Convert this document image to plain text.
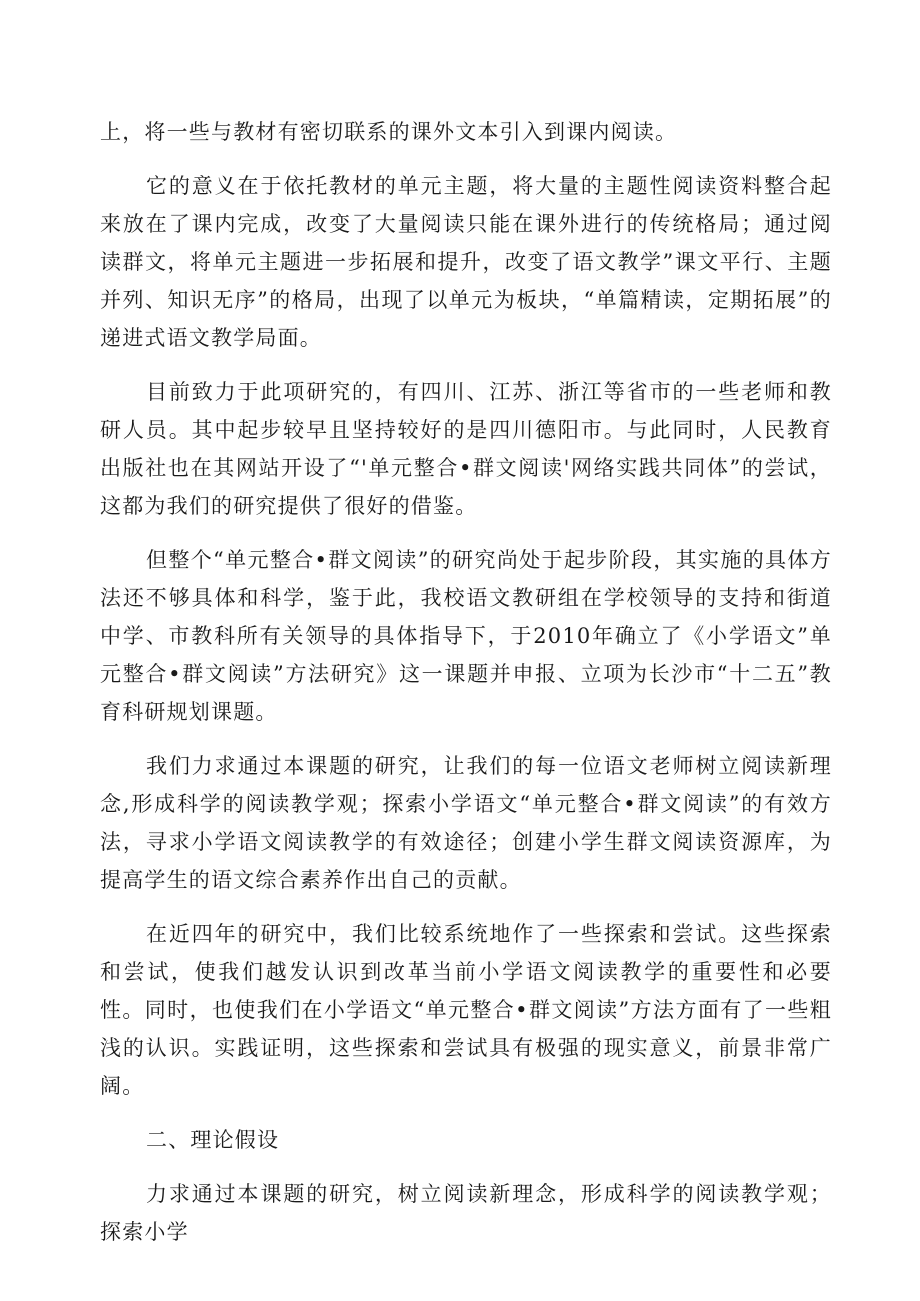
上，将一些与教材有密切联系的课外文本引入到课内阅读。

它的意义在于依托教材的单元主题，将大量的主题性阅读资料整合起来放在了课内完成，改变了大量阅读只能在课外进行的传统格局；通过阅读群文，将单元主题进一步拓展和提升，改变了语文教学”课文平行、主题并列、知识无序”的格局，出现了以单元为板块，“单篇精读，定期拓展”的递进式语文教学局面。

目前致力于此项研究的，有四川、江苏、浙江等省市的一些老师和教研人员。其中起步较早且坚持较好的是四川德阳市。与此同时，人民教育出版社也在其网站开设了“'单元整合•群文阅读'网络实践共同体”的尝试，这都为我们的研究提供了很好的借鉴。

但整个“单元整合•群文阅读”的研究尚处于起步阶段，其实施的具体方法还不够具体和科学，鉴于此，我校语文教研组在学校领导的支持和街道中学、市教科所有关领导的具体指导下，于2010年确立了《小学语文”单元整合•群文阅读”方法研究》这一课题并申报、立项为长沙市“十二五”教育科研规划课题。

我们力求通过本课题的研究，让我们的每一位语文老师树立阅读新理念,形成科学的阅读教学观；探索小学语文“单元整合•群文阅读”的有效方法，寻求小学语文阅读教学的有效途径；创建小学生群文阅读资源库，为提高学生的语文综合素养作出自己的贡献。

在近四年的研究中，我们比较系统地作了一些探索和尝试。这些探索和尝试，使我们越发认识到改革当前小学语文阅读教学的重要性和必要性。同时，也使我们在小学语文“单元整合•群文阅读”方法方面有了一些粗浅的认识。实践证明，这些探索和尝试具有极强的现实意义，前景非常广阔。

二、理论假设

力求通过本课题的研究，树立阅读新理念，形成科学的阅读教学观；探索小学
